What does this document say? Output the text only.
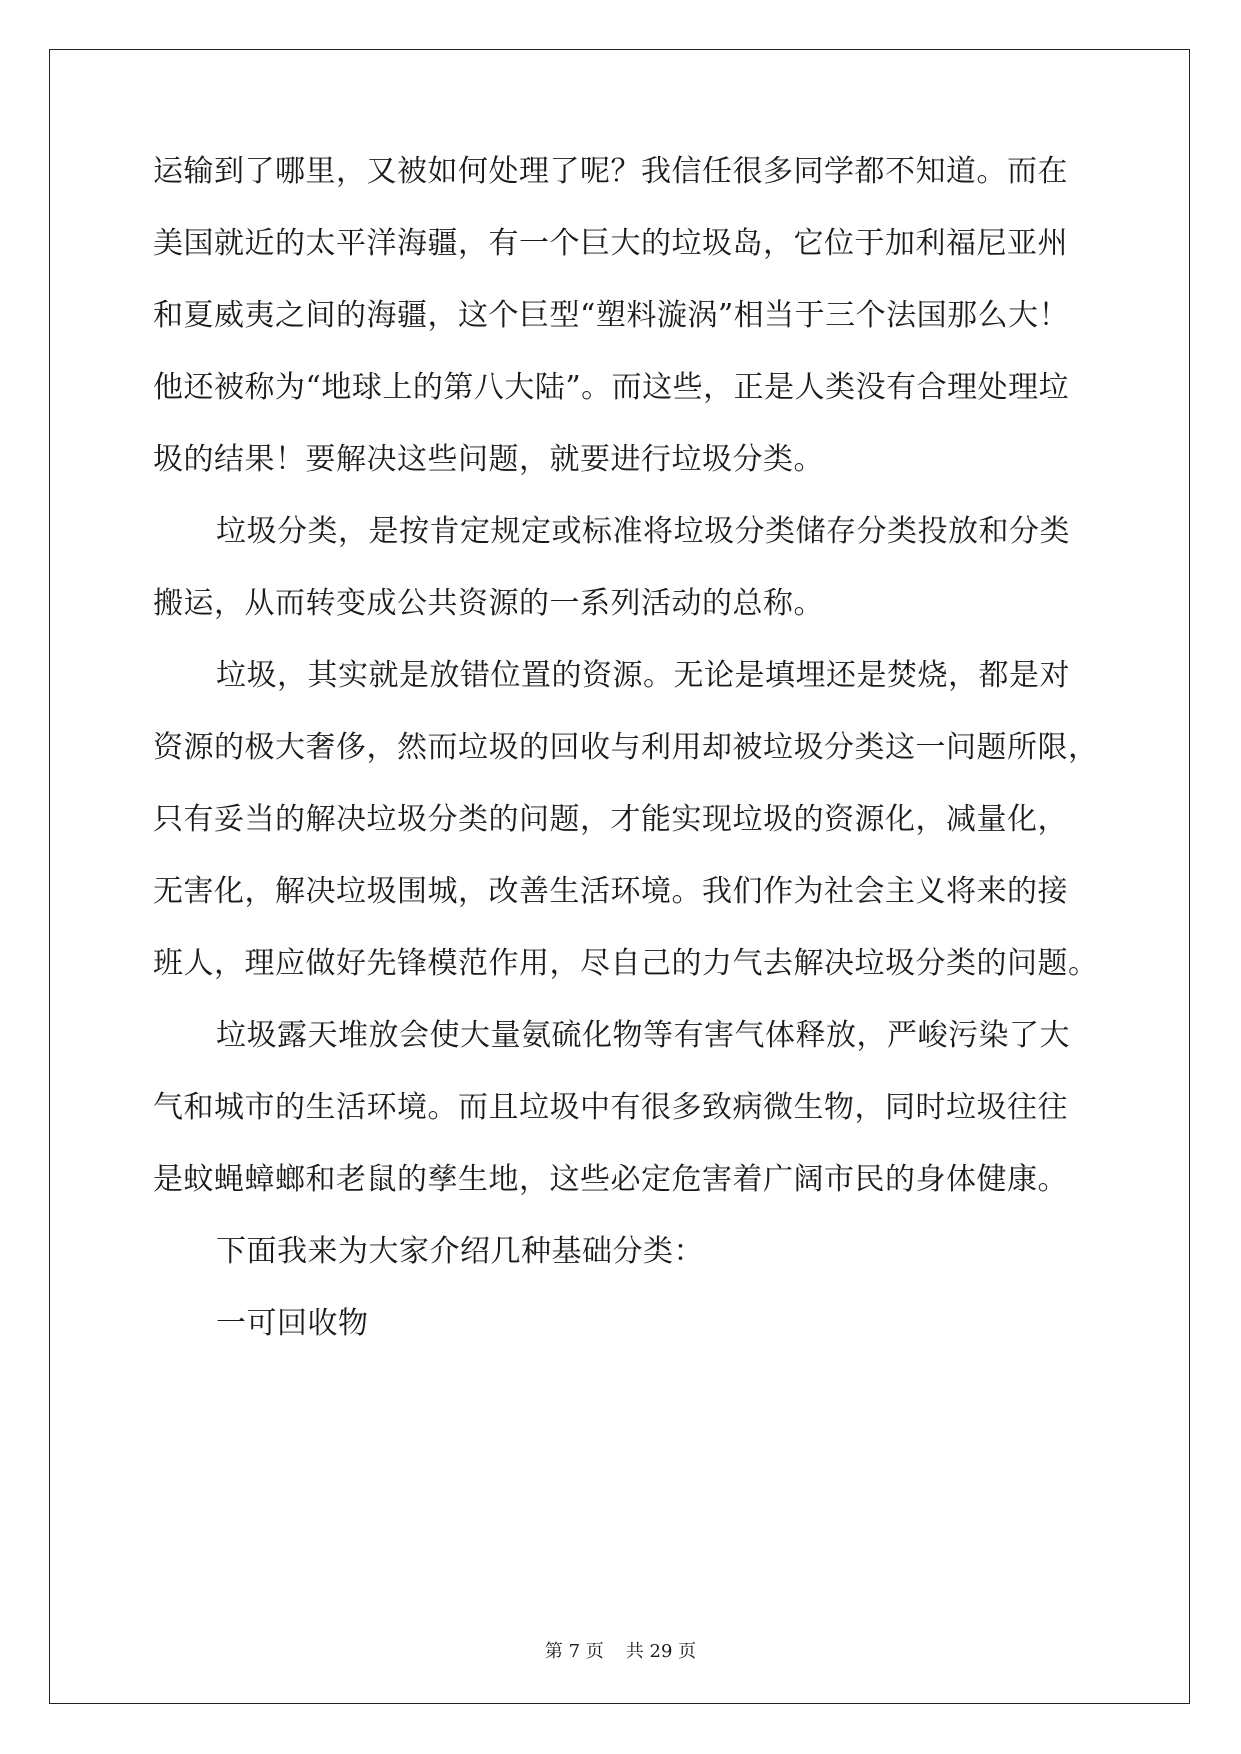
运输到了哪里，又被如何处理了呢？我信任很多同学都不知道。而在
美国就近的太平洋海疆，有一个巨大的垃圾岛，它位于加利福尼亚州
和夏威夷之间的海疆，这个巨型“塑料漩涡”相当于三个法国那么大！
他还被称为“地球上的第八大陆”。而这些，正是人类没有合理处理垃
圾的结果！要解决这些问题，就要进行垃圾分类。
垃圾分类，是按肯定规定或标准将垃圾分类储存分类投放和分类
搬运，从而转变成公共资源的一系列活动的总称。
垃圾，其实就是放错位置的资源。无论是填埋还是焚烧，都是对
资源的极大奢侈，然而垃圾的回收与利用却被垃圾分类这一问题所限，
只有妥当的解决垃圾分类的问题，才能实现垃圾的资源化，减量化，
无害化，解决垃圾围城，改善生活环境。我们作为社会主义将来的接
班人，理应做好先锋模范作用，尽自己的力气去解决垃圾分类的问题。
垃圾露天堆放会使大量氨硫化物等有害气体释放，严峻污染了大
气和城市的生活环境。而且垃圾中有很多致病微生物，同时垃圾往往
是蚊蝇蟑螂和老鼠的孳生地，这些必定危害着广阔市民的身体健康。
下面我来为大家介绍几种基础分类：
一可回收物
第 7 页 共 29 页
